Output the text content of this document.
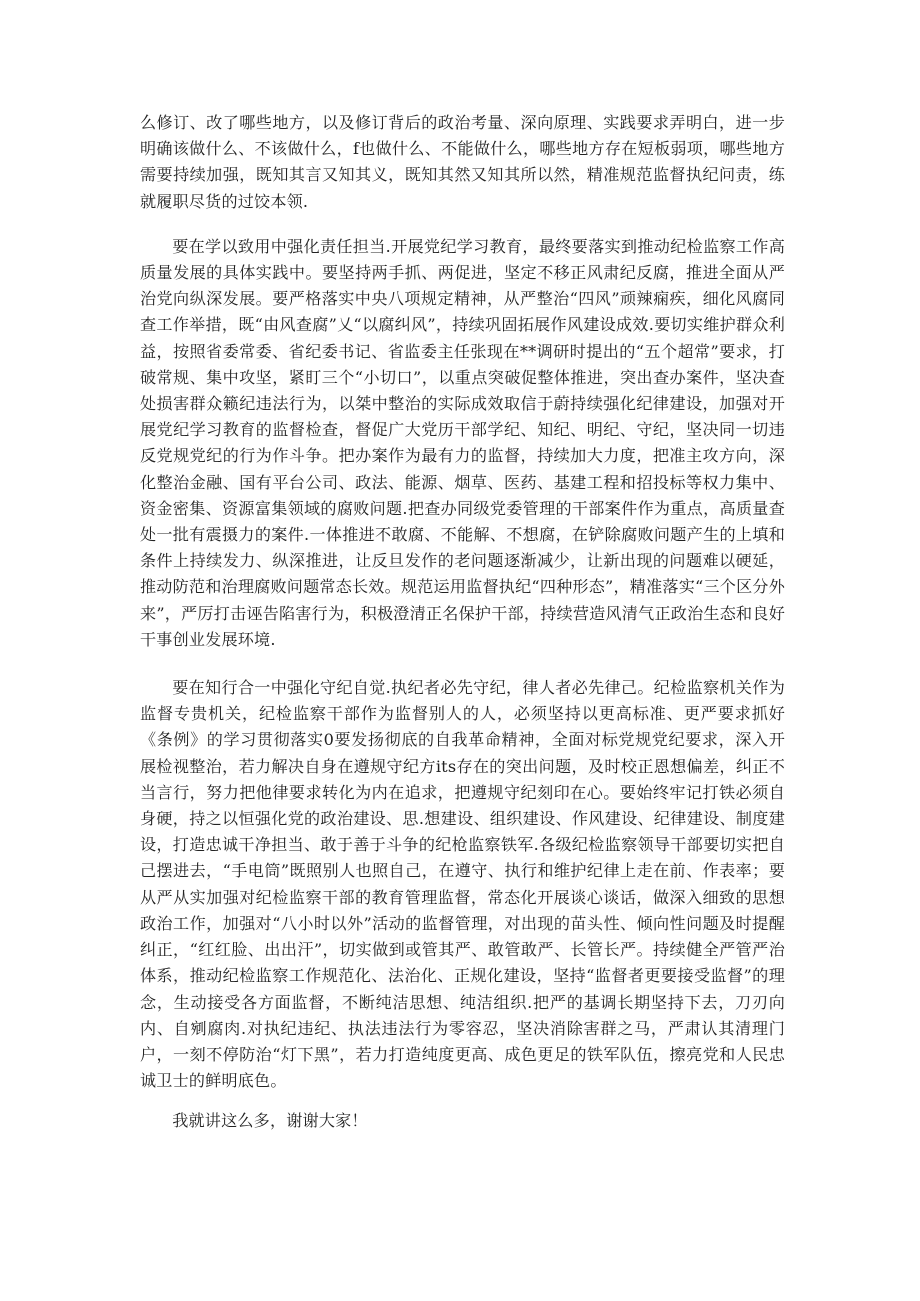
么修订、改了哪些地方，以及修订背后的政治考量、深向原理、实践要求弄明白，进一步明确该做什么、不该做什么，f也做什么、不能做什么，哪些地方存在短板弱项，哪些地方需要持续加强，既知其言又知其义，既知其然又知其所以然，精准规范监督执纪问责，练就履职尽货的过饺本领.

要在学以致用中强化责任担当.开展党纪学习教育，最终要落实到推动纪检监察工作高质量发展的具体实践中。要坚持两手抓、两促进，坚定不移正风肃纪反腐，推进全面从严治党向纵深发展。要严格落实中央八项规定精神，从严整治“四风”顽辣痫疾，细化风腐同查工作举措，既“由风查腐”乂“以腐纠风”，持续巩固拓展作风建设成效.要切实维护群众利益，按照省委常委、省纪委书记、省监委主任张现在**调研时提出的“五个超常”要求，打破常规、集中攻坚，紧盯三个“小切口”，以重点突破促整体推进，突出查办案件，坚决查处损害群众籁纪违法行为，以桀中整治的实际成效取信于蔚持续强化纪律建设，加强对开展党纪学习教育的监督检查，督促广大党历干部学纪、知纪、明纪、守纪，坚决同一切违反党规党纪的行为作斗争。把办案作为最有力的监督，持续加大力度，把准主攻方向，深化整治金融、国有平台公司、政法、能源、烟草、医药、基建工程和招投标等权力集中、资金密集、资源富集领域的腐败问题.把查办同级党委管理的干部案件作为重点，高质量查处一批有震摄力的案件.一体推进不敢腐、不能解、不想腐，在铲除腐败问题产生的上填和条件上持续发力、纵深推进，让反旦发作的老问题逐渐减少，让新出现的问题难以硬延，推动防范和治理腐败问题常态长效。规范运用监督执纪“四种形态”，精准落实“三个区分外来”，严厉打击诬告陷害行为，积极澄清正名保护干部，持续营造风清气正政治生态和良好干事创业发展环境.

要在知行合一中强化守纪自觉.执纪者必先守纪，律人者必先律己。纪检监察机关作为监督专贵机关，纪检监察干部作为监督别人的人，必须坚持以更高标准、更严要求抓好《条例》的学习贯彻落实0要发扬彻底的自我革命精神，全面对标党规党纪要求，深入开展检视整治，若力解决自身在遵规守纪方its存在的突出问题，及时校正恩想偏差，纠正不当言行，努力把他律要求转化为内在追求，把遵规守纪刻印在心。要始终牢记打铁必须自身硬，持之以恒强化党的政治建设、思.想建设、组织建设、作风建设、纪律建设、制度建设，打造忠诚干净担当、敢于善于斗争的纪枪监察铁军.各级纪检监察领导干部要切实把自己摆进去，“手电筒”既照别人也照自己，在遵守、执行和维护纪律上走在前、作表率；要从严从实加强对纪检监察干部的教育管理监督，常态化开展谈心谈话，做深入细致的思想政治工作，加强对“八小时以外”活动的监督管理，对出现的苗头性、倾向性问题及时提醒纠正，“红红脸、出出汗”，切实做到或管其严、敢管敢严、长管长严。持续健全严管严治体系，推动纪检监察工作规范化、法治化、正规化建设，坚持“监督者更要接受监督”的理念，生动接受各方面监督，不断纯洁思想、纯洁组织.把严的基调长期坚持下去，刀刃向内、自剜腐肉.对执纪违纪、执法违法行为零容忍，坚决消除害群之马，严肃认其清理门户，一刻不停防治“灯下黑”，若力打造纯度更高、成色更足的铁军队伍，擦亮党和人民忠诚卫士的鲜明底色。

我就讲这么多，谢谢大家！
